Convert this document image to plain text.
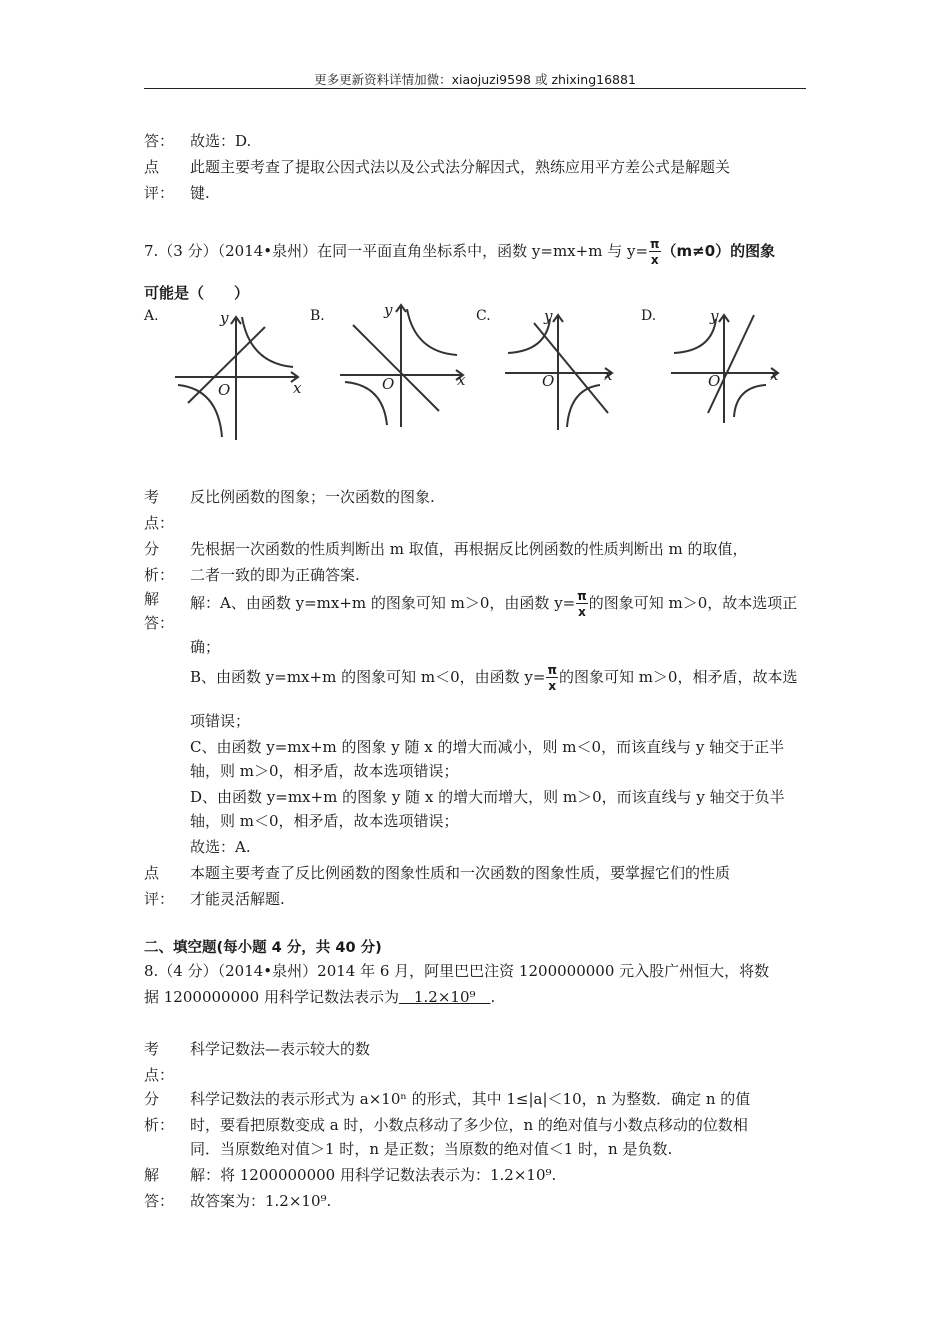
更多更新资料详情加微：xiaojuzi9598 或 zhixing16881
答： 故选：D.
点 此题主要考查了提取公因式法以及公式法分解因式，熟练应用平方差公式是解题关
评： 键.
7.（3 分）（2014•泉州）在同一平面直角坐标系中，函数 y=mx+m 与 $y= \frac{\pi}{x} (m\ne 0)$的图象
可能是（　　）
A.	B.	C.	D.
O	x
y
O	x
y
O	x
y
O	x
y
考 反比例函数的图象；一次函数的图象.
点：
分 先根据一次函数的性质判断出 m 取值，再根据反比例函数的性质判断出 m 的取值，
析： 二者一致的即为正确答案.
解
答：
解：A、由函数 y=mx+m 的图象可知 m＞0，由函数 $y= \frac{\pi}{x}$ 的图象可知 m＞0，故本选项正
确；
B、由函数 y=mx+m 的图象可知 m＜0，由函数 $y= \frac{\pi}{x}$ 的图象可知 m＞0，相矛盾，故本选
项错误；
C、由函数 y=mx+m 的图象 y 随 x 的增大而减小，则 m＜0，而该直线与 y 轴交于正半
轴，则 m＞0，相矛盾，故本选项错误；
D、由函数 y=mx+m 的图象 y 随 x 的增大而增大，则 m＞0，而该直线与 y 轴交于负半
轴，则 m＜0，相矛盾，故本选项错误；
故选：A.
点 本题主要考查了反比例函数的图象性质和一次函数的图象性质，要掌握它们的性质
评： 才能灵活解题.
二、填空题(每小题 4 分，共 40 分)
8.（4 分）（2014•泉州）2014 年 6 月，阿里巴巴注资 1200000000 元入股广州恒大，将数
据 1200000000 用科学记数法表示为　1.2×10⁹　.
考 科学记数法—表示较大的数
点：
分 科学记数法的表示形式为 a×10ⁿ 的形式，其中 1≤|a|＜10，n 为整数．确定 n 的值
析： 时，要看把原数变成 a 时，小数点移动了多少位，n 的绝对值与小数点移动的位数相
同．当原数绝对值＞1 时，n 是正数；当原数的绝对值＜1 时，n 是负数.
解 解：将 1200000000 用科学记数法表示为：1.2×10⁹.
答： 故答案为：1.2×10⁹.
